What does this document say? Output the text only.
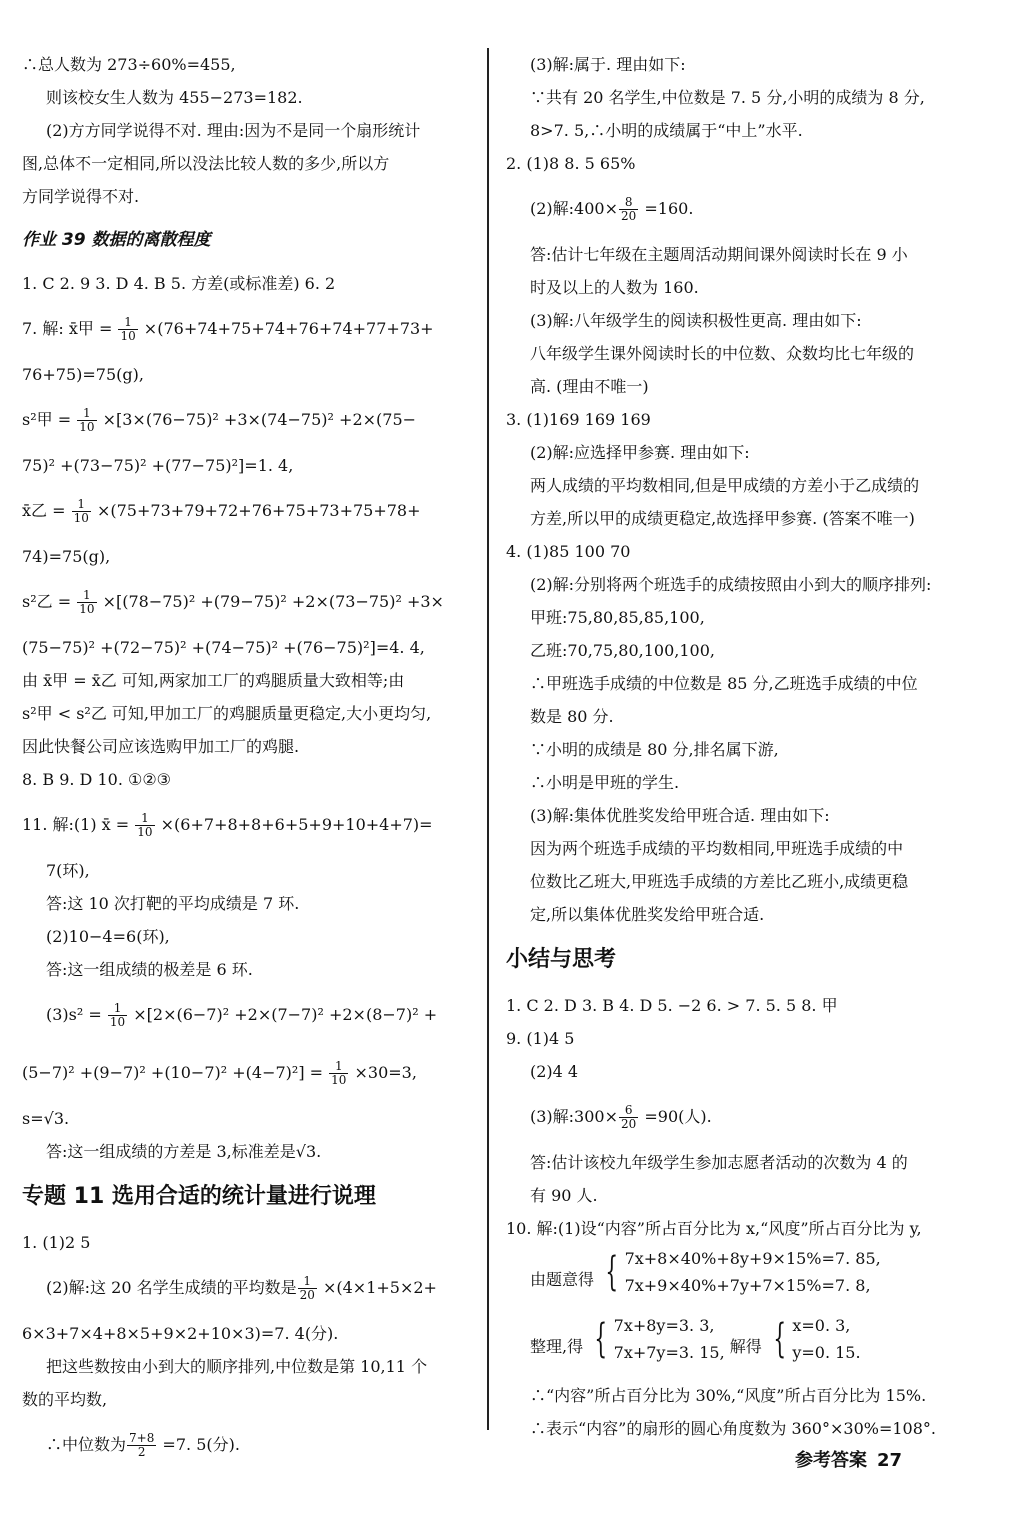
∴总人数为 273÷60%=455,
则该校女生人数为 455−273=182.
(2)方方同学说得不对. 理由:因为不是同一个扇形统计
图,总体不一定相同,所以没法比较人数的多少,所以方
方同学说得不对.
作业 39 数据的离散程度
1. C 2. 9 3. D 4. B 5. 方差(或标准差) 6. 2
7. 解: x̄甲 = $\frac{1}{10} \times(76+74+75+74+76+74+77+73+$
76+75)=75(g),
s²甲 = $\frac{1}{10} \times[3\times(76-75)^2 +3\times(74-75)^2 +2\times(75-$
75)² +(73−75)² +(77−75)²]=1. 4,
x̄乙 = $\frac{1}{10} \times(75+73+79+72+76+75+73+75+78+$
74)=75(g),
s²乙 = $\frac{1}{10} \times[(78-75)^2 +(79-75)^2 +2\times(73-75)^2 +3\times$
(75−75)² +(72−75)² +(74−75)² +(76−75)²]=4. 4,
由 x̄甲 = x̄乙 可知,两家加工厂的鸡腿质量大致相等;由
s²甲 < s²乙 可知,甲加工厂的鸡腿质量更稳定,大小更均匀,
因此快餐公司应该选购甲加工厂的鸡腿.
8. B 9. D 10. ①②③
11. 解:(1) x̄ = $\frac{1}{10} \times(6+7+8+8+6+5+9+10+4+7)=$
7(环),
答:这 10 次打靶的平均成绩是 7 环.
(2)10−4=6(环),
答:这一组成绩的极差是 6 环.
$(3)s^2 = \frac{1}{10} \times[2\times(6-7)^2 +2\times(7-7)^2 +2\times(8-7)^2$ +
$(5-7)^2 +(9-7)^2 +(10-7)^2 +(4-7)^2] = \frac{1}{10} \times 30=3$,
s=√3.
答:这一组成绩的方差是 3,标准差是√3.
专题 11 选用合适的统计量进行说理
1. (1)2 5
(2)解:这 20 名学生成绩的平均数是 $\frac{1}{20} \times(4\times 1+5\times 2+$
6×3+7×4+8×5+9×2+10×3)=7. 4(分).
把这些数按由小到大的顺序排列,中位数是第 10,11 个
数的平均数,
∴中位数为 $\frac{7+8}{2} =7$. 5(分).
(3)解:属于. 理由如下:
∵共有 20 名学生,中位数是 7. 5 分,小明的成绩为 8 分,
8>7. 5,∴小明的成绩属于“中上”水平.
2. (1)8 8. 5 65%
(2)解:400× $\frac{8}{20} =160$.
答:估计七年级在主题周活动期间课外阅读时长在 9 小
时及以上的人数为 160.
(3)解:八年级学生的阅读积极性更高. 理由如下:
八年级学生课外阅读时长的中位数、众数均比七年级的
高. (理由不唯一)
3. (1)169 169 169
(2)解:应选择甲参赛. 理由如下:
两人成绩的平均数相同,但是甲成绩的方差小于乙成绩的
方差,所以甲的成绩更稳定,故选择甲参赛. (答案不唯一)
4. (1)85 100 70
(2)解:分别将两个班选手的成绩按照由小到大的顺序排列:
甲班:75,80,85,85,100,
乙班:70,75,80,100,100,
∴甲班选手成绩的中位数是 85 分,乙班选手成绩的中位
数是 80 分.
∵小明的成绩是 80 分,排名属下游,
∴小明是甲班的学生.
(3)解:集体优胜奖发给甲班合适. 理由如下:
因为两个班选手成绩的平均数相同,甲班选手成绩的中
位数比乙班大,甲班选手成绩的方差比乙班小,成绩更稳
定,所以集体优胜奖发给甲班合适.
小结与思考
1. C 2. D 3. B 4. D 5. −2 6. > 7. 5. 5 8. 甲
9. (1)4 5
(2)4 4
(3)解:300× $\frac{6}{20} =90$(人).
答:估计该校九年级学生参加志愿者活动的次数为 4 的
有 90 人.
10. 解:(1)设“内容”所占百分比为 x,“风度”所占百分比为 y,
由题意得 { 7x+8×40%+8y+9×15%=7. 85,
7x+9×40%+7y+7×15%=7. 8,
整理,得 { 7x+8y=3. 3,
7x+7y=3. 15, 解得 { x=0. 3,
y=0. 15.
∴“内容”所占百分比为 30%,“风度”所占百分比为 15%.
∴表示“内容”的扇形的圆心角度数为 360°×30%=108°.
参考答案 27
